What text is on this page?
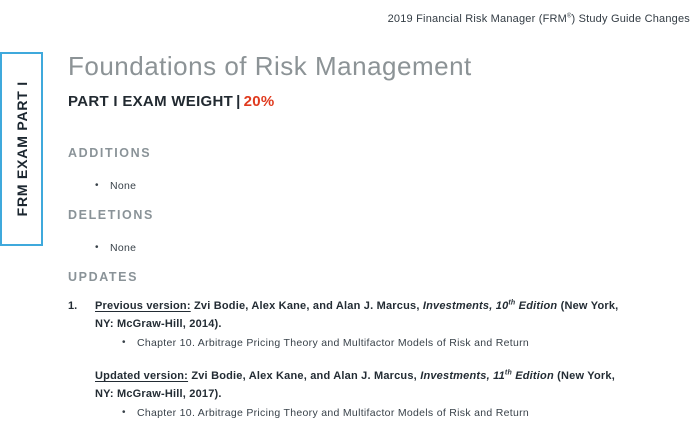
2019 Financial Risk Manager (FRM®) Study Guide Changes
FRM EXAM PART I
Foundations of Risk Management
PART I EXAM WEIGHT | 20%
ADDITIONS
•	None
DELETIONS
•	None
UPDATES
1. Previous version: Zvi Bodie, Alex Kane, and Alan J. Marcus, Investments, 10th Edition (New York, NY: McGraw-Hill, 2014).

•	Chapter 10. Arbitrage Pricing Theory and Multifactor Models of Risk and Return

Updated version: Zvi Bodie, Alex Kane, and Alan J. Marcus, Investments, 11th Edition (New York, NY: McGraw-Hill, 2017).

•	Chapter 10. Arbitrage Pricing Theory and Multifactor Models of Risk and Return
